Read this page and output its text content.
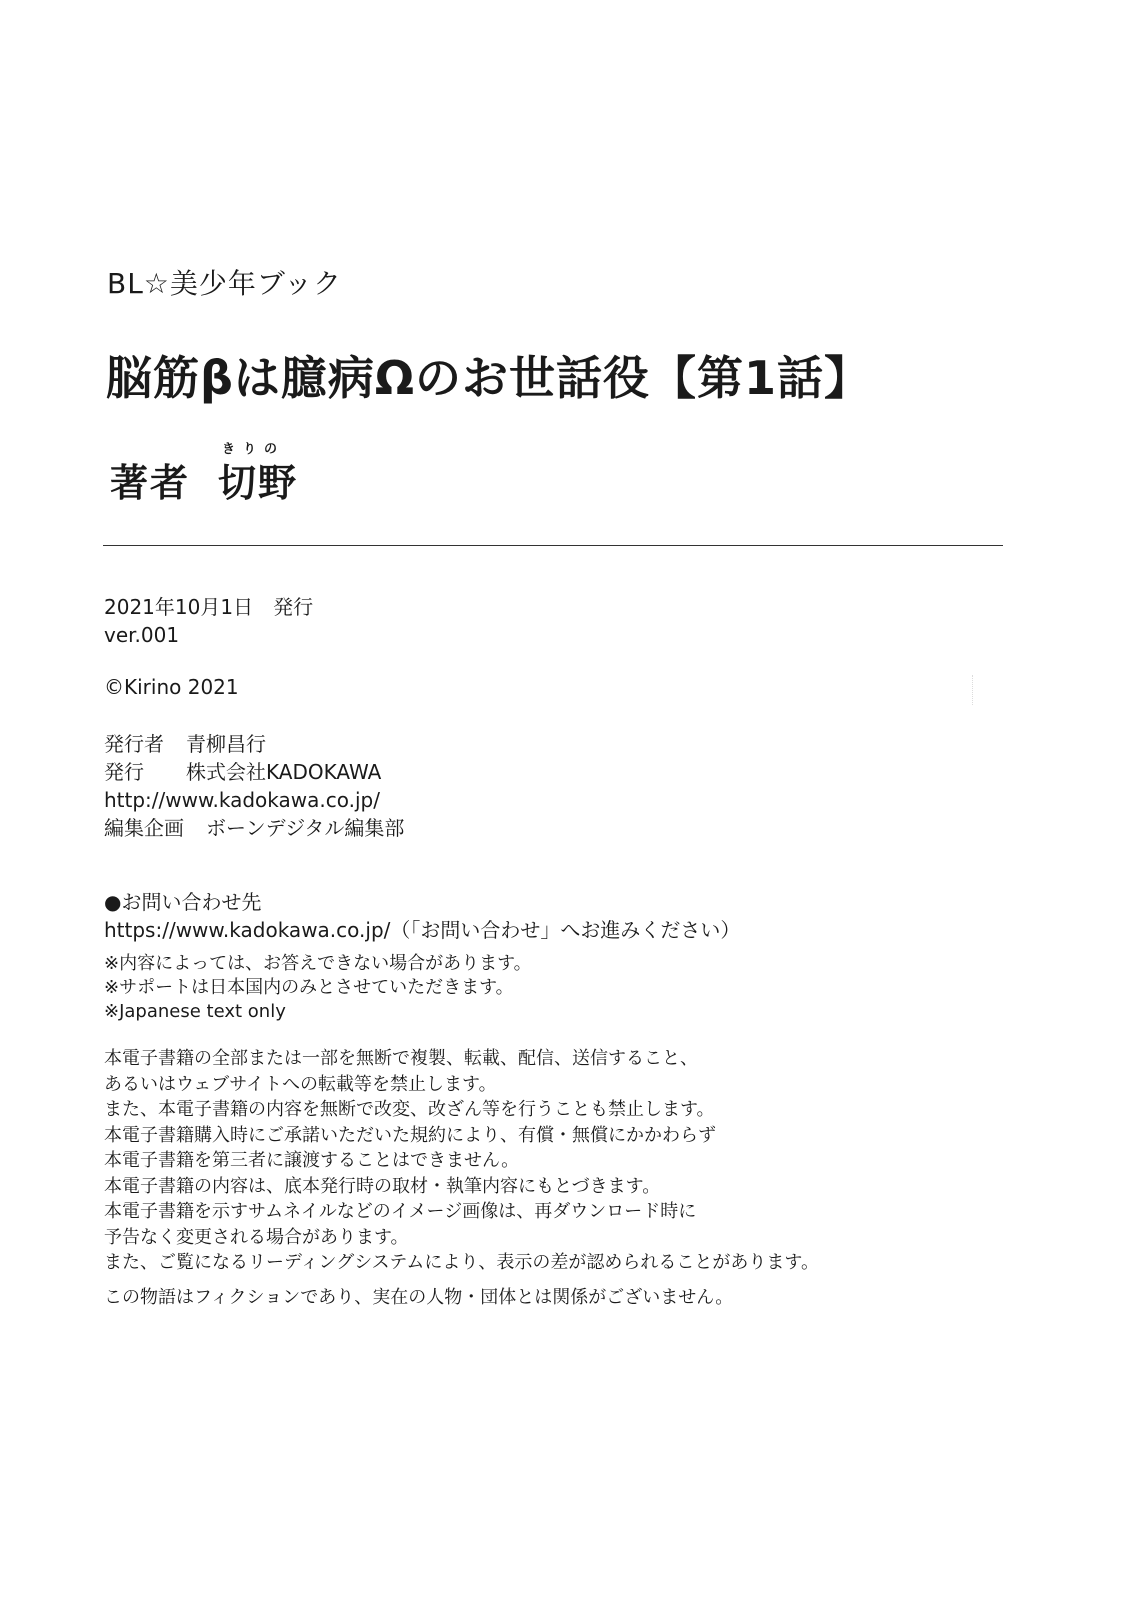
BL☆美少年ブック
脳筋βは臆病Ωのお世話役【第1話】
著者
きりの
切野
2021年10月1日　発行
ver.001
©Kirino 2021
発行者	青柳昌行
発行	株式会社KADOKAWA
http://www.kadokawa.co.jp/
編集企画	ボーンデジタル編集部
●お問い合わせ先
https://www.kadokawa.co.jp/（「お問い合わせ」へお進みください）
※内容によっては、お答えできない場合があります。
※サポートは日本国内のみとさせていただきます。
※Japanese text only
本電子書籍の全部または一部を無断で複製、転載、配信、送信すること、
あるいはウェブサイトへの転載等を禁止します。
また、本電子書籍の内容を無断で改変、改ざん等を行うことも禁止します。
本電子書籍購入時にご承諾いただいた規約により、有償・無償にかかわらず
本電子書籍を第三者に譲渡することはできません。
本電子書籍の内容は、底本発行時の取材・執筆内容にもとづきます。
本電子書籍を示すサムネイルなどのイメージ画像は、再ダウンロード時に
予告なく変更される場合があります。
また、ご覧になるリーディングシステムにより、表示の差が認められることがあります。
この物語はフィクションであり、実在の人物・団体とは関係がございません。
